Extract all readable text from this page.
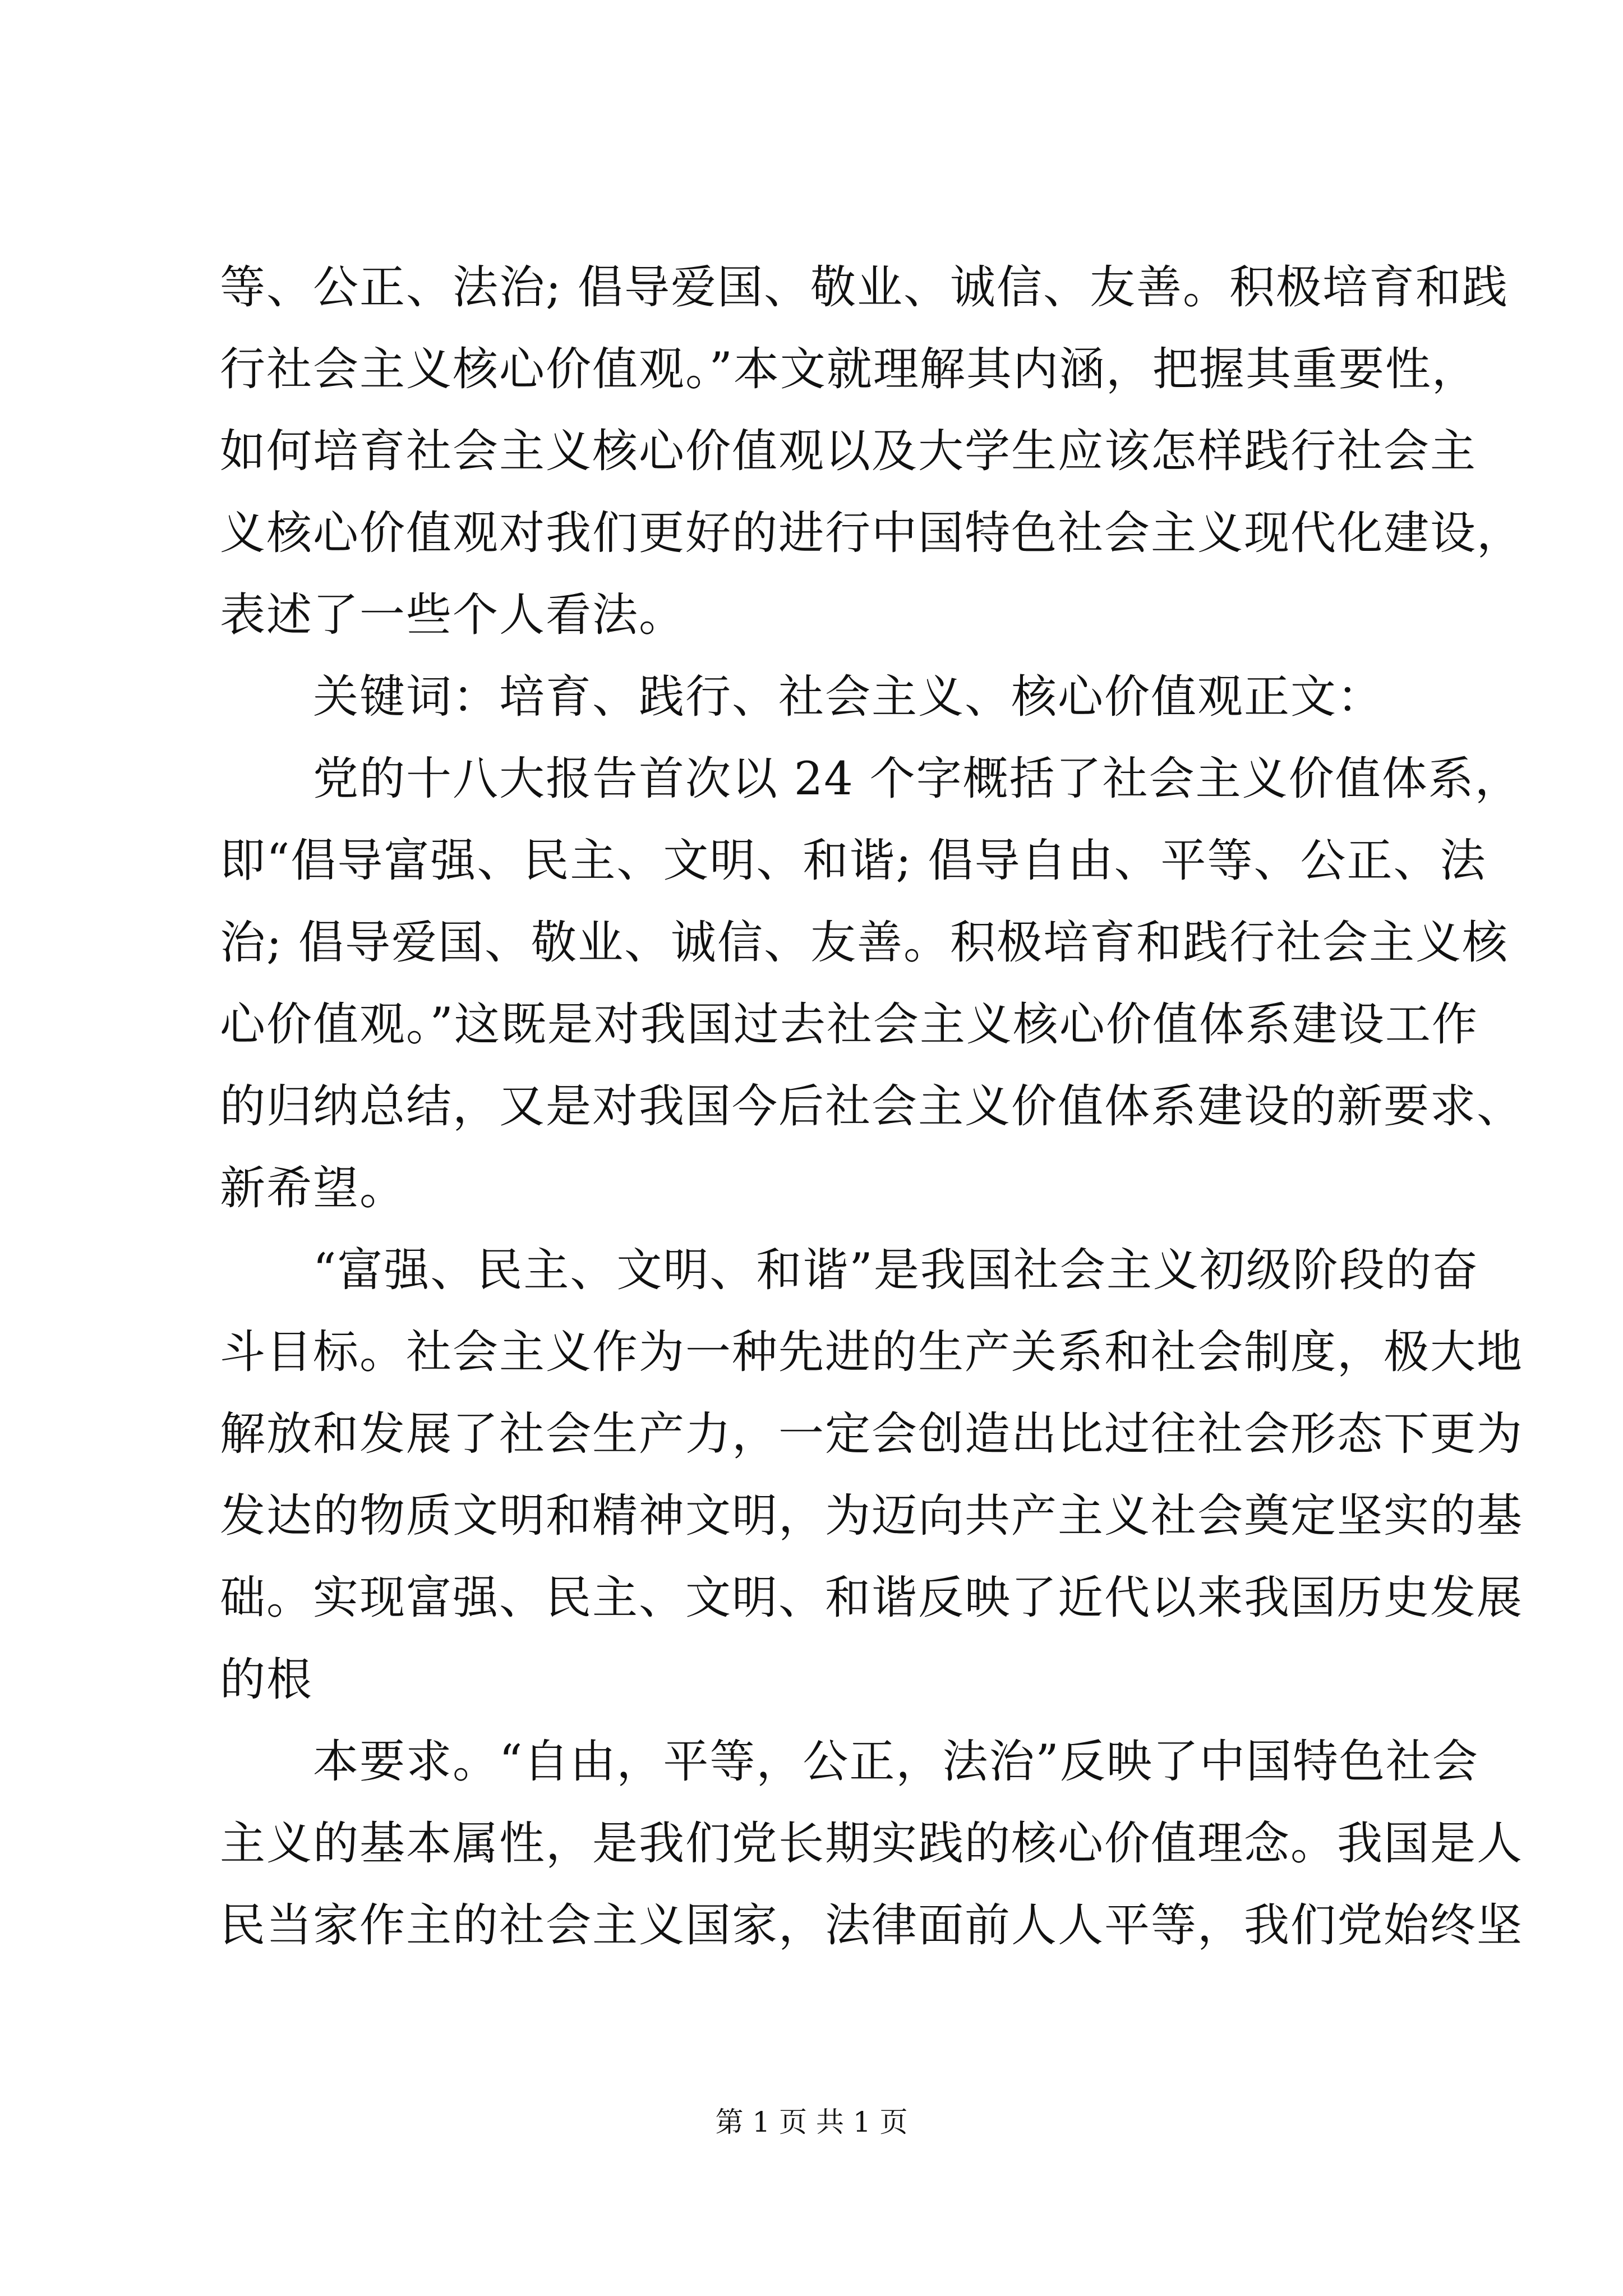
等、公正、法治; 倡导爱国、敬业、诚信、友善。积极培育和践
行社会主义核心价值观。”本文就理解其内涵，把握其重要性，
如何培育社会主义核心价值观以及大学生应该怎样践行社会主
义核心价值观对我们更好的进行中国特色社会主义现代化建设，
表述了一些个人看法。
　　关键词：培育、践行、社会主义、核心价值观正文：
　　党的十八大报告首次以 24 个字概括了社会主义价值体系，
即“倡导富强、民主、文明、和谐; 倡导自由、平等、公正、法
治; 倡导爱国、敬业、诚信、友善。积极培育和践行社会主义核
心价值观。”这既是对我国过去社会主义核心价值体系建设工作
的归纳总结，又是对我国今后社会主义价值体系建设的新要求、
新希望。
　　“富强、民主、文明、和谐”是我国社会主义初级阶段的奋
斗目标。社会主义作为一种先进的生产关系和社会制度，极大地
解放和发展了社会生产力，一定会创造出比过往社会形态下更为
发达的物质文明和精神文明，为迈向共产主义社会奠定坚实的基
础。实现富强、民主、文明、和谐反映了近代以来我国历史发展
的根
　　本要求。“自由，平等，公正，法治”反映了中国特色社会
主义的基本属性，是我们党长期实践的核心价值理念。我国是人
民当家作主的社会主义国家，法律面前人人平等，我们党始终坚
第 1 页 共 1 页
